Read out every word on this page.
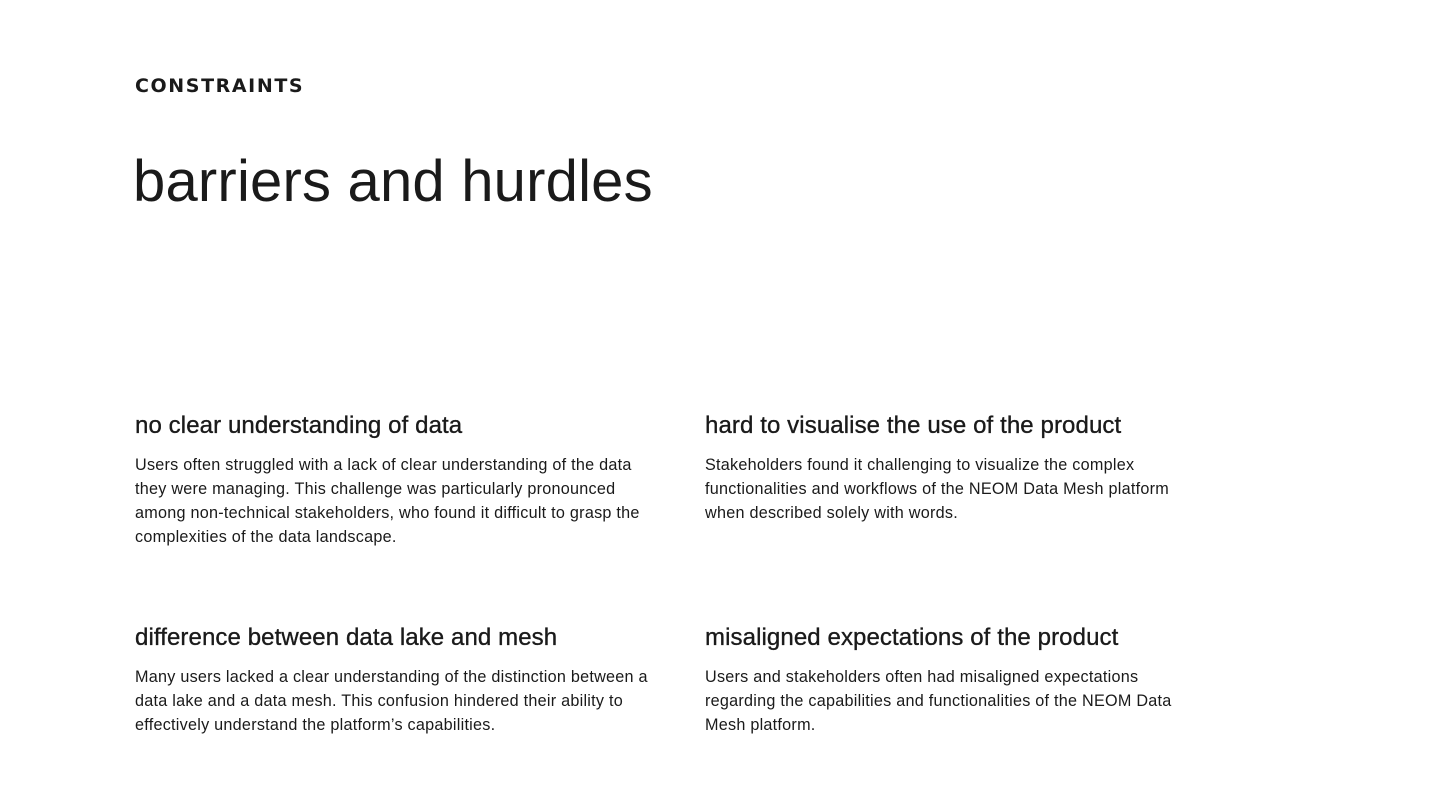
CONSTRAINTS
barriers and hurdles
no clear understanding of data

Users often struggled with a lack of clear understanding of the data they were managing. This challenge was particularly pronounced among non-technical stakeholders, who found it difficult to grasp the complexities of the data landscape.

hard to visualise the use of the product

Stakeholders found it challenging to visualize the complex functionalities and workflows of the NEOM Data Mesh platform when described solely with words.

difference between data lake and mesh

Many users lacked a clear understanding of the distinction between a data lake and a data mesh. This confusion hindered their ability to effectively understand the platform’s capabilities.

misaligned expectations of the product

Users and stakeholders often had misaligned expectations regarding the capabilities and functionalities of the NEOM Data Mesh platform.
